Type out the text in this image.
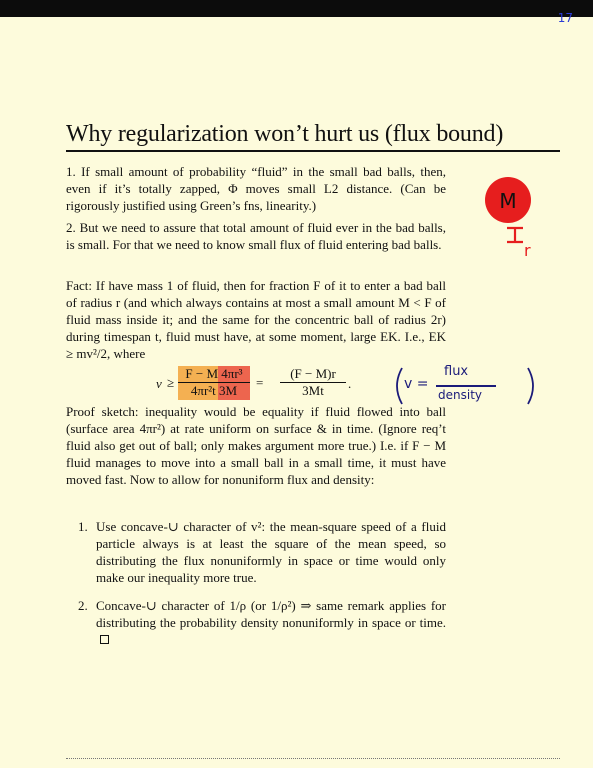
17
Why regularization won’t hurt us (flux bound)

1. If small amount of probability “fluid” in the small bad balls, then, even if it’s totally zapped, Φ moves small L2 distance. (Can be rigorously justified using Green’s fns, linearity.)

2. But we need to assure that total amount of fluid ever in the bad balls, is small. For that we need to know small flux of fluid entering bad balls.

Fact: If have mass 1 of fluid, then for fraction F of it to enter a bad ball of radius r (and which always contains at most a small amount M < F of fluid mass inside it; and the same for the concentric ball of radius 2r) during timespan t, fluid must have, at some moment, large EK. I.e., EK ≥ mv²/2, where

v ≥
F − M 4πr³
4πr²t 3M
=
(F − M)r
3Mt	.

Proof sketch: inequality would be equality if fluid flowed into ball (surface area 4πr²) at rate uniform on surface & in time. (Ignore req’t fluid also get out of ball; only makes argument more true.) I.e. if F − M fluid manages to move into a small ball in a small time, it must have moved fast. Now to allow for nonuniform flux and density:

1. Use concave-∪ character of v²: the mean-square speed of a fluid particle always is at least the square of the mean speed, so distributing the flux nonuniformly in space or time would only make our inequality more true.
2. Concave-∪ character of 1/ρ (or 1/ρ²) ⇒ same remark applies for distributing the probability density nonuniformly in space or time.
M
r
v =
flux
density
